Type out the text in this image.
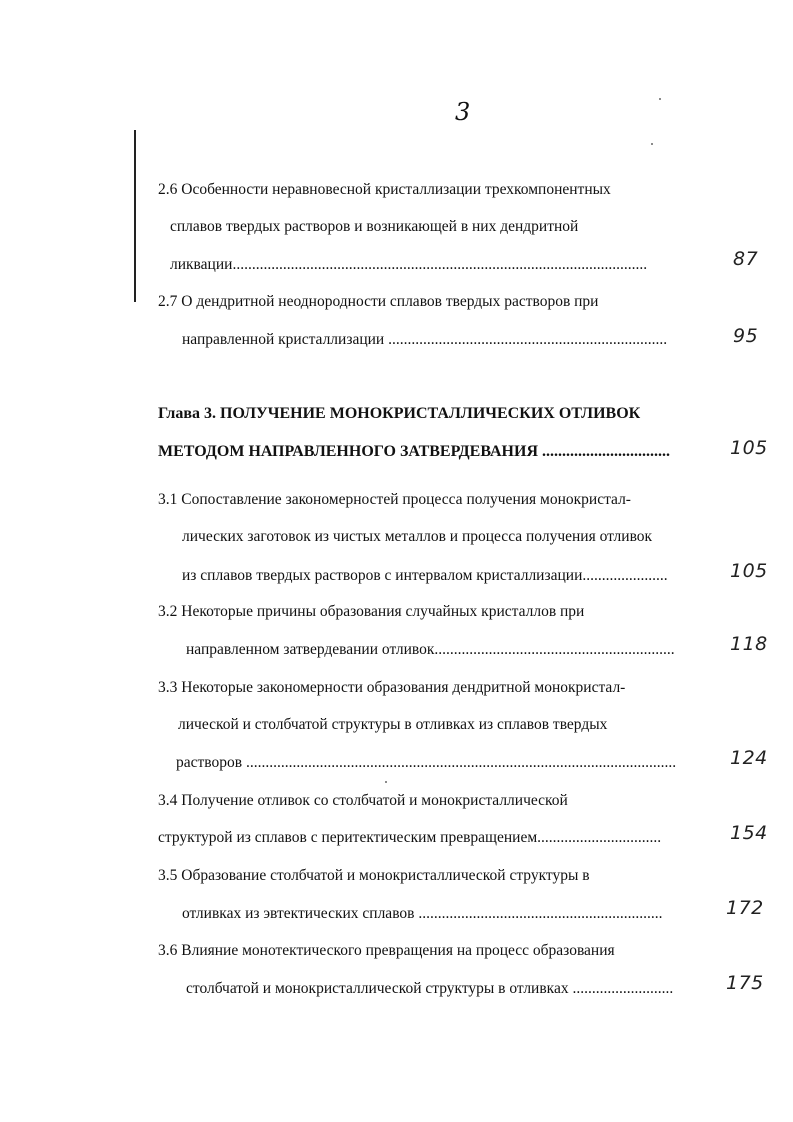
3
2.6 Особенности неравновесной кристаллизации трехкомпонентных
сплавов твердых растворов и возникающей в них дендритной
ликвации...........................................................................................................	87
2.7 О дендритной неоднородности сплавов твердых растворов при
направленной кристаллизации ........................................................................	95
Глава 3. ПОЛУЧЕНИЕ МОНОКРИСТАЛЛИЧЕСКИХ ОТЛИВОК
МЕТОДОМ НАПРАВЛЕННОГО ЗАТВЕРДЕВАНИЯ ................................	105
3.1 Сопоставление закономерностей процесса получения монокристал-
лических заготовок из чистых металлов и процесса получения отливок
из сплавов твердых растворов с интервалом кристаллизации......................	105
3.2 Некоторые причины образования случайных кристаллов при
направленном затвердевании отливок..............................................................	118
3.3 Некоторые закономерности образования дендритной монокристал-
лической и столбчатой структуры в отливках из сплавов твердых
растворов ...............................................................................................................	124
3.4 Получение отливок со столбчатой и монокристаллической
структурой из сплавов с перитектическим превращением................................	154
3.5 Образование столбчатой и монокристаллической структуры в
отливках из эвтектических сплавов ...............................................................	172
3.6 Влияние монотектического превращения на процесс образования
столбчатой и монокристаллической структуры в отливках ..........................	175
